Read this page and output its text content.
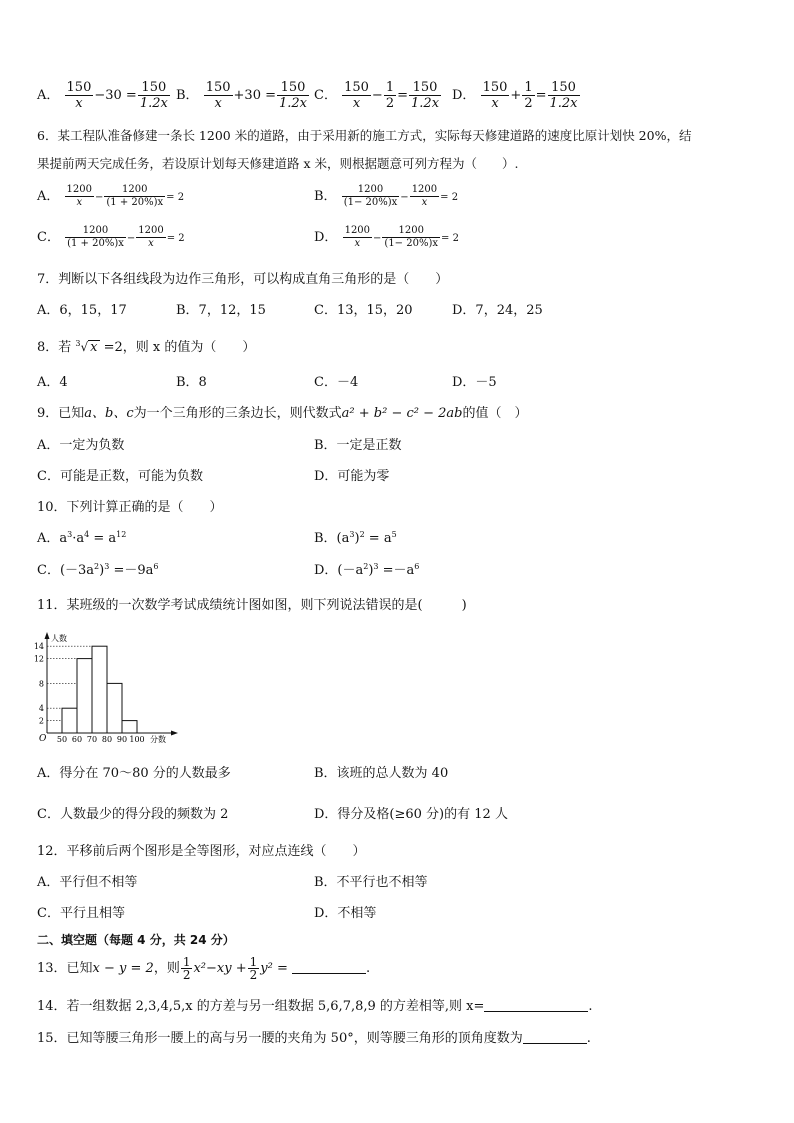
A． $\frac{150}{x} -30 = \frac{150}{1.2x}$ B． $\frac{150}{x} +30 = \frac{150}{1.2x}$ C． $\frac{150}{x} - \frac{1}{2} = \frac{150}{1.2x}$ D． $\frac{150}{x} + \frac{1}{2} = \frac{150}{1.2x}$
6．某工程队准备修建一条长 1200 米的道路，由于采用新的施工方式，实际每天修建道路的速度比原计划快 20%，结
果提前两天完成任务，若设原计划每天修建道路 x 米，则根据题意可列方程为（　　）.
A． $\frac{1200}{x} - \frac{1200}{(1 + 20\%)x} = 2$	B． $\frac{1200}{(1- 20\%)x} - \frac{1200}{x} = 2$
C． $\frac{1200}{(1 + 20\%)x} - \frac{1200}{x} = 2$	D． $\frac{1200}{x} - \frac{1200}{(1- 20\%)x} = 2$
7．判断以下各组线段为边作三角形，可以构成直角三角形的是（　　）
A．6，15，17	B．7，12，15	C．13，15，20	D．7，24，25
8．若 $^3$√ x =2，则 x 的值为（　　）
A．4	B．8	C．－4	D．－5
9．已知a、b、c为一个三角形的三条边长，则代数式a² + b² − c² − 2ab的值（　）
A．一定为负数	B．一定是正数
C．可能是正数，可能为负数	D．可能为零
10．下列计算正确的是（　　）
A．$a^3\cdot a^4 = a^{12}$	B．$(a^3)^2 = a^5$
C．$(-3a^2)^3 =-9a^6$	D．$(-a^2)^3 =-a^6$
11．某班级的一次数学考试成绩统计图如图，则下列说法错误的是(　　　)
2
4
8
12
14
50 60 70 80 90 100
人数
分数
O
A．得分在 70～80 分的人数最多	B．该班的总人数为 40
C．人数最少的得分段的频数为 2	D．得分及格(≥60 分)的有 12 人
12．平移前后两个图形是全等图形，对应点连线（　　）
A．平行但不相等	B．不平行也不相等
C．平行且相等	D．不相等
二、填空题（每题 4 分，共 24 分）
13．已知x − y = 2，则 $\frac{1}{2} x^2-xy + \frac{1}{2} y^2$ =	.
14．若一组数据 2,3,4,5,x 的方差与另一组数据 5,6,7,8,9 的方差相等,则 x=	.
15．已知等腰三角形一腰上的高与另一腰的夹角为 50°，则等腰三角形的顶角度数为	.
